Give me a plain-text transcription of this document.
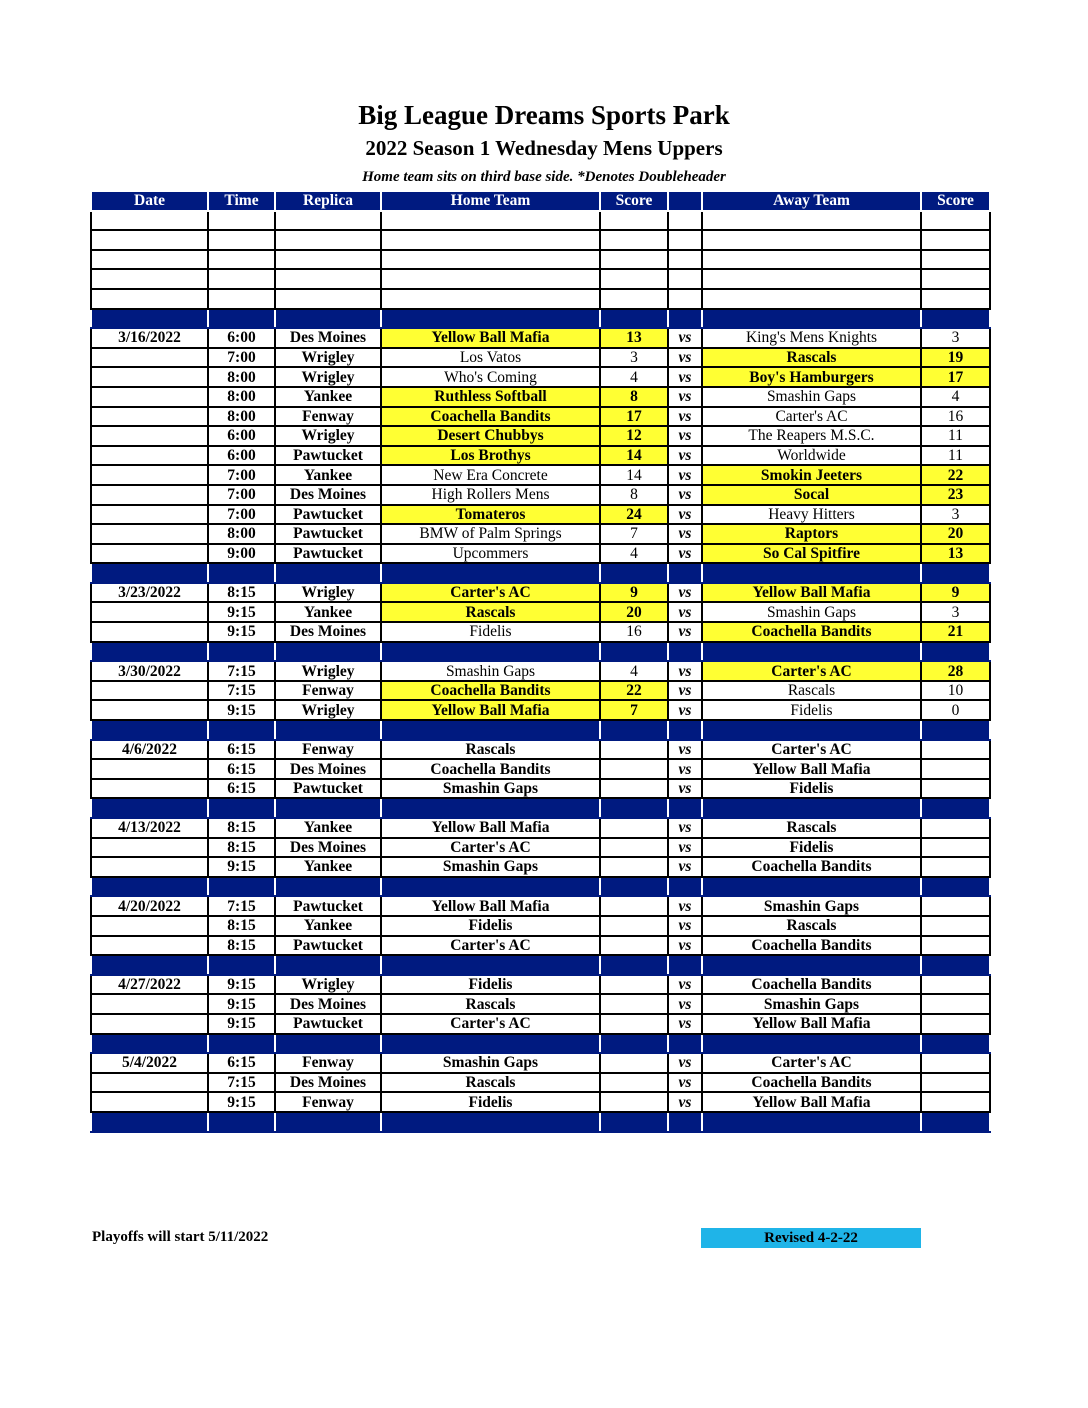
Big League Dreams Sports Park
2022 Season 1 Wednesday Mens Uppers
Home team sits on third base side. *Denotes Doubleheader
Date	Time	Replica	Home Team	Score		Away Team	Score

3/16/2022	6:00	Des Moines	Yellow Ball Mafia	13	vs	King's Mens Knights	3
	7:00	Wrigley	Los Vatos	3	vs	Rascals	19
	8:00	Wrigley	Who's Coming	4	vs	Boy's Hamburgers	17
	8:00	Yankee	Ruthless Softball	8	vs	Smashin Gaps	4
	8:00	Fenway	Coachella Bandits	17	vs	Carter's AC	16
	6:00	Wrigley	Desert Chubbys	12	vs	The Reapers M.S.C.	11
	6:00	Pawtucket	Los Brothys	14	vs	Worldwide	11
	7:00	Yankee	New Era Concrete	14	vs	Smokin Jeeters	22
	7:00	Des Moines	High Rollers Mens	8	vs	Socal	23
	7:00	Pawtucket	Tomateros	24	vs	Heavy Hitters	3
	8:00	Pawtucket	BMW of Palm Springs	7	vs	Raptors	20
	9:00	Pawtucket	Upcommers	4	vs	So Cal Spitfire	13

3/23/2022	8:15	Wrigley	Carter's AC	9	vs	Yellow Ball Mafia	9
	9:15	Yankee	Rascals	20	vs	Smashin Gaps	3
	9:15	Des Moines	Fidelis	16	vs	Coachella Bandits	21

3/30/2022	7:15	Wrigley	Smashin Gaps	4	vs	Carter's AC	28
	7:15	Fenway	Coachella Bandits	22	vs	Rascals	10
	9:15	Wrigley	Yellow Ball Mafia	7	vs	Fidelis	0

4/6/2022	6:15	Fenway	Rascals		vs	Carter's AC	
	6:15	Des Moines	Coachella Bandits		vs	Yellow Ball Mafia	
	6:15	Pawtucket	Smashin Gaps		vs	Fidelis	

4/13/2022	8:15	Yankee	Yellow Ball Mafia		vs	Rascals	
	8:15	Des Moines	Carter's AC		vs	Fidelis	
	9:15	Yankee	Smashin Gaps		vs	Coachella Bandits	

4/20/2022	7:15	Pawtucket	Yellow Ball Mafia		vs	Smashin Gaps	
	8:15	Yankee	Fidelis		vs	Rascals	
	8:15	Pawtucket	Carter's AC		vs	Coachella Bandits	

4/27/2022	9:15	Wrigley	Fidelis		vs	Coachella Bandits	
	9:15	Des Moines	Rascals		vs	Smashin Gaps	
	9:15	Pawtucket	Carter's AC		vs	Yellow Ball Mafia	

5/4/2022	6:15	Fenway	Smashin Gaps		vs	Carter's AC	
	7:15	Des Moines	Rascals		vs	Coachella Bandits	
	9:15	Fenway	Fidelis		vs	Yellow Ball Mafia	

Playoffs will start 5/11/2022	Revised 4-2-22
